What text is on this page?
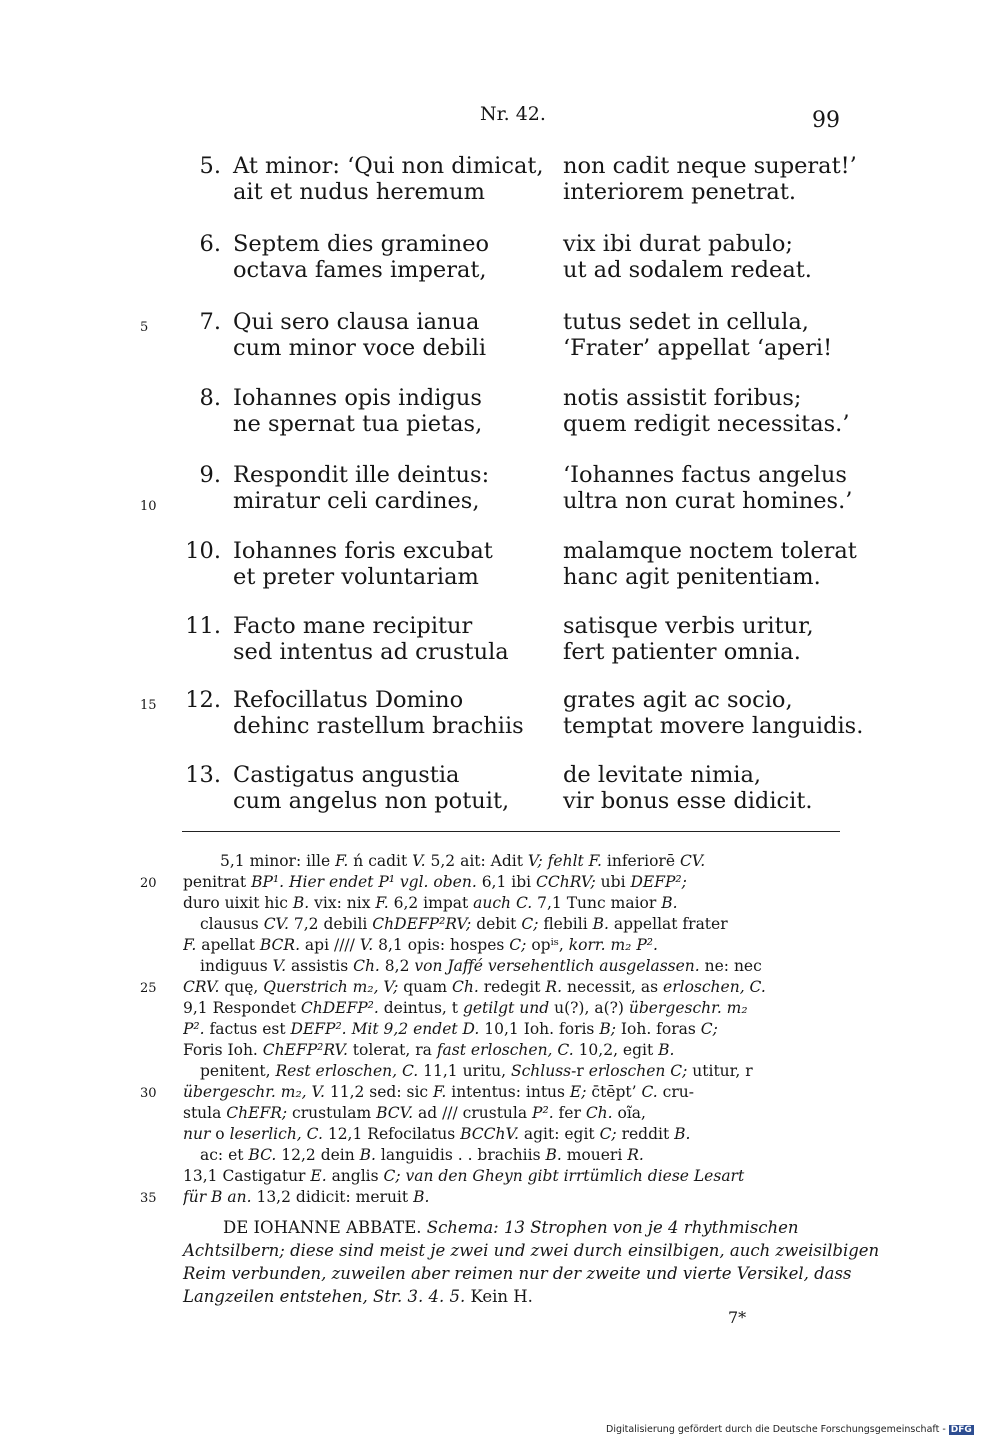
Nr. 42.	99
5. At minor: ‘Qui non dimicat,
ait et nudus heremum
non cadit neque superat!’
interiorem penetrat.
6. Septem dies gramineo
octava fames imperat,
vix ibi durat pabulo;
ut ad sodalem redeat.
5 7. Qui sero clausa ianua
cum minor voce debili
tutus sedet in cellula,
‘Frater’ appellat ‘aperi!
8. Iohannes opis indigus
ne spernat tua pietas,
notis assistit foribus;
quem redigit necessitas.’
10
9. Respondit ille deintus:
miratur celi cardines,
‘Iohannes factus angelus
ultra non curat homines.’
10. Iohannes foris excubat
et preter voluntariam
malamque noctem tolerat
hanc agit penitentiam.
11. Facto mane recipitur
sed intentus ad crustula
satisque verbis uritur,
fert patienter omnia.
15 12. Refocillatus Domino
dehinc rastellum brachiis
grates agit ac socio,
temptat movere languidis.
13. Castigatus angustia
cum angelus non potuit,
de levitate nimia,
vir bonus esse didicit.
5,1 minor: ille F. ń cadit V. 5,2 ait: Adit V; fehlt F. inferiorē CV.
20 penitrat BP¹. Hier endet P¹ vgl. oben. 6,1 ibi CChRV; ubi DEFP²;
duro uixit hic B. vix: nix F. 6,2 impat auch C. 7,1 Tunc maior B.
clausus CV. 7,2 debili ChDEFP²RV; debit C; flebili B. appellat frater
F. apellat BCR. api //// V. 8,1 opis: hospes C; opⁱˢ, korr. m₂ P².
indiguus V. assistis Ch. 8,2 von Jaffé versehentlich ausgelassen. ne: nec
25 CRV. quę, Querstrich m₂, V; quam Ch. redegit R. necessit, as erloschen, C.
9,1 Respondet ChDEFP². deintus, t getilgt und u(?), a(?) übergeschr. m₂
P². factus est DEFP². Mit 9,2 endet D. 10,1 Ioh. foris B; Ioh. foras C;
Foris Ioh. ChEFP²RV. tolerat, ra fast erloschen, C. 10,2, egit B.
penitent, Rest erloschen, C. 11,1 uritu, Schluss-r erloschen C; utitur, r
30 übergeschr. m₂, V. 11,2 sed: sic F. intentus: intus E; c̄tēpt’ C. cru-
stula ChEFR; crustulam BCV. ad /// crustula P². fer Ch. oĩa,
nur o leserlich, C. 12,1 Refocilatus BCChV. agit: egit C; reddit B.
ac: et BC. 12,2 dein B. languidis . . brachiis B. moueri R.
13,1 Castigatur E. anglis C; van den Gheyn gibt irrtümlich diese Lesart
35 für B an. 13,2 didicit: meruit B.
DE IOHANNE ABBATE. Schema: 13 Strophen von je 4 rhythmischen
Achtsilbern; diese sind meist je zwei und zwei durch einsilbigen, auch zweisilbigen
Reim verbunden, zuweilen aber reimen nur der zweite und vierte Versikel, dass
Langzeilen entstehen, Str. 3. 4. 5. Kein H.
7*
Digitalisierung gefördert durch die Deutsche Forschungsgemeinschaft - DFG
